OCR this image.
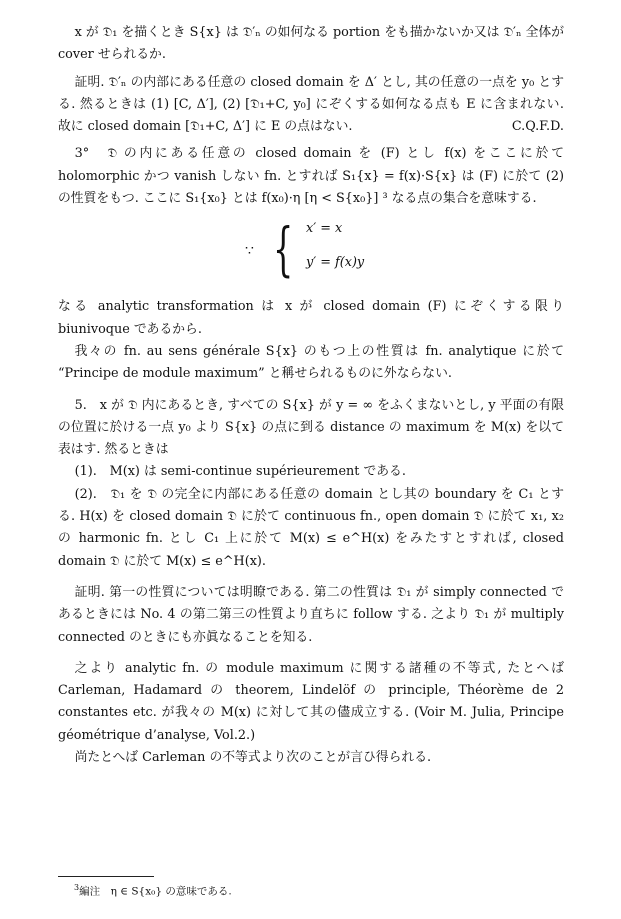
x が 𝔇₁ を描くとき S{x} は 𝔇′ₙ の如何なる portion をも描かないか又は 𝔇′ₙ 全体が cover せられるか.

証明. 𝔇′ₙ の内部にある任意の closed domain を Δ′ とし, 其の任意の一点を y₀ とする. 然るときは (1) [C, Δ′], (2) [𝔇₁+C, y₀] にぞくする如何なる点も E に含まれない. 故に closed domain [𝔇₁+C, Δ′] に E の点はない.	C.Q.F.D.

3°　𝔇 の内にある任意の closed domain を (F) とし f(x) をここに於て holomorphic かつ vanish しない fn. とすれば S₁{x} = f(x)·S{x} は (F) に於て (2) の性質をもつ. ここに S₁{x₀} とは f(x₀)·η [η < S{x₀}] ³ なる点の集合を意味する.

∵ { x′ = x
y′ = f(x)y

なる analytic transformation は x が closed domain (F) にぞくする限り biunivoque であるから.

我々の fn. au sens générale S{x} のもつ上の性質は fn. analytique に於て “Principe de module maximum” と稱せられるものに外ならない.

5.　x が 𝔇 内にあるとき, すべての S{x} が y = ∞ をふくまないとし, y 平面の有限の位置に於ける一点 y₀ より S{x} の点に到る distance の maximum を M(x) を以て表はす. 然るときは

(1).　M(x) は semi-continue supérieurement である.

(2).　𝔇₁ を 𝔇 の完全に内部にある任意の domain とし其の boundary を C₁ とする. H(x) を closed domain 𝔇 に於て continuous fn., open domain 𝔇 に於て x₁, x₂ の harmonic fn. とし C₁ 上に於て M(x) ≤ e^H(x) をみたすとすれば, closed domain 𝔇 に於て M(x) ≤ e^H(x).

証明. 第一の性質については明瞭である. 第二の性質は 𝔇₁ が simply connected であるときには No. 4 の第二第三の性質より直ちに follow する. 之より 𝔇₁ が multiply connected のときにも亦眞なることを知る.

之より analytic fn. の module maximum に関する諸種の不等式, たとへば Carleman, Hadamard の theorem, Lindelöf の principle, Théorème de 2 constantes etc. が我々の M(x) に対して其の儘成立する. (Voir M. Julia, Principe géométrique d’analyse, Vol.2.)

尚たとへば Carleman の不等式より次のことが言ひ得られる.

$^3$編注　η ∈ S{x₀} の意味である.
